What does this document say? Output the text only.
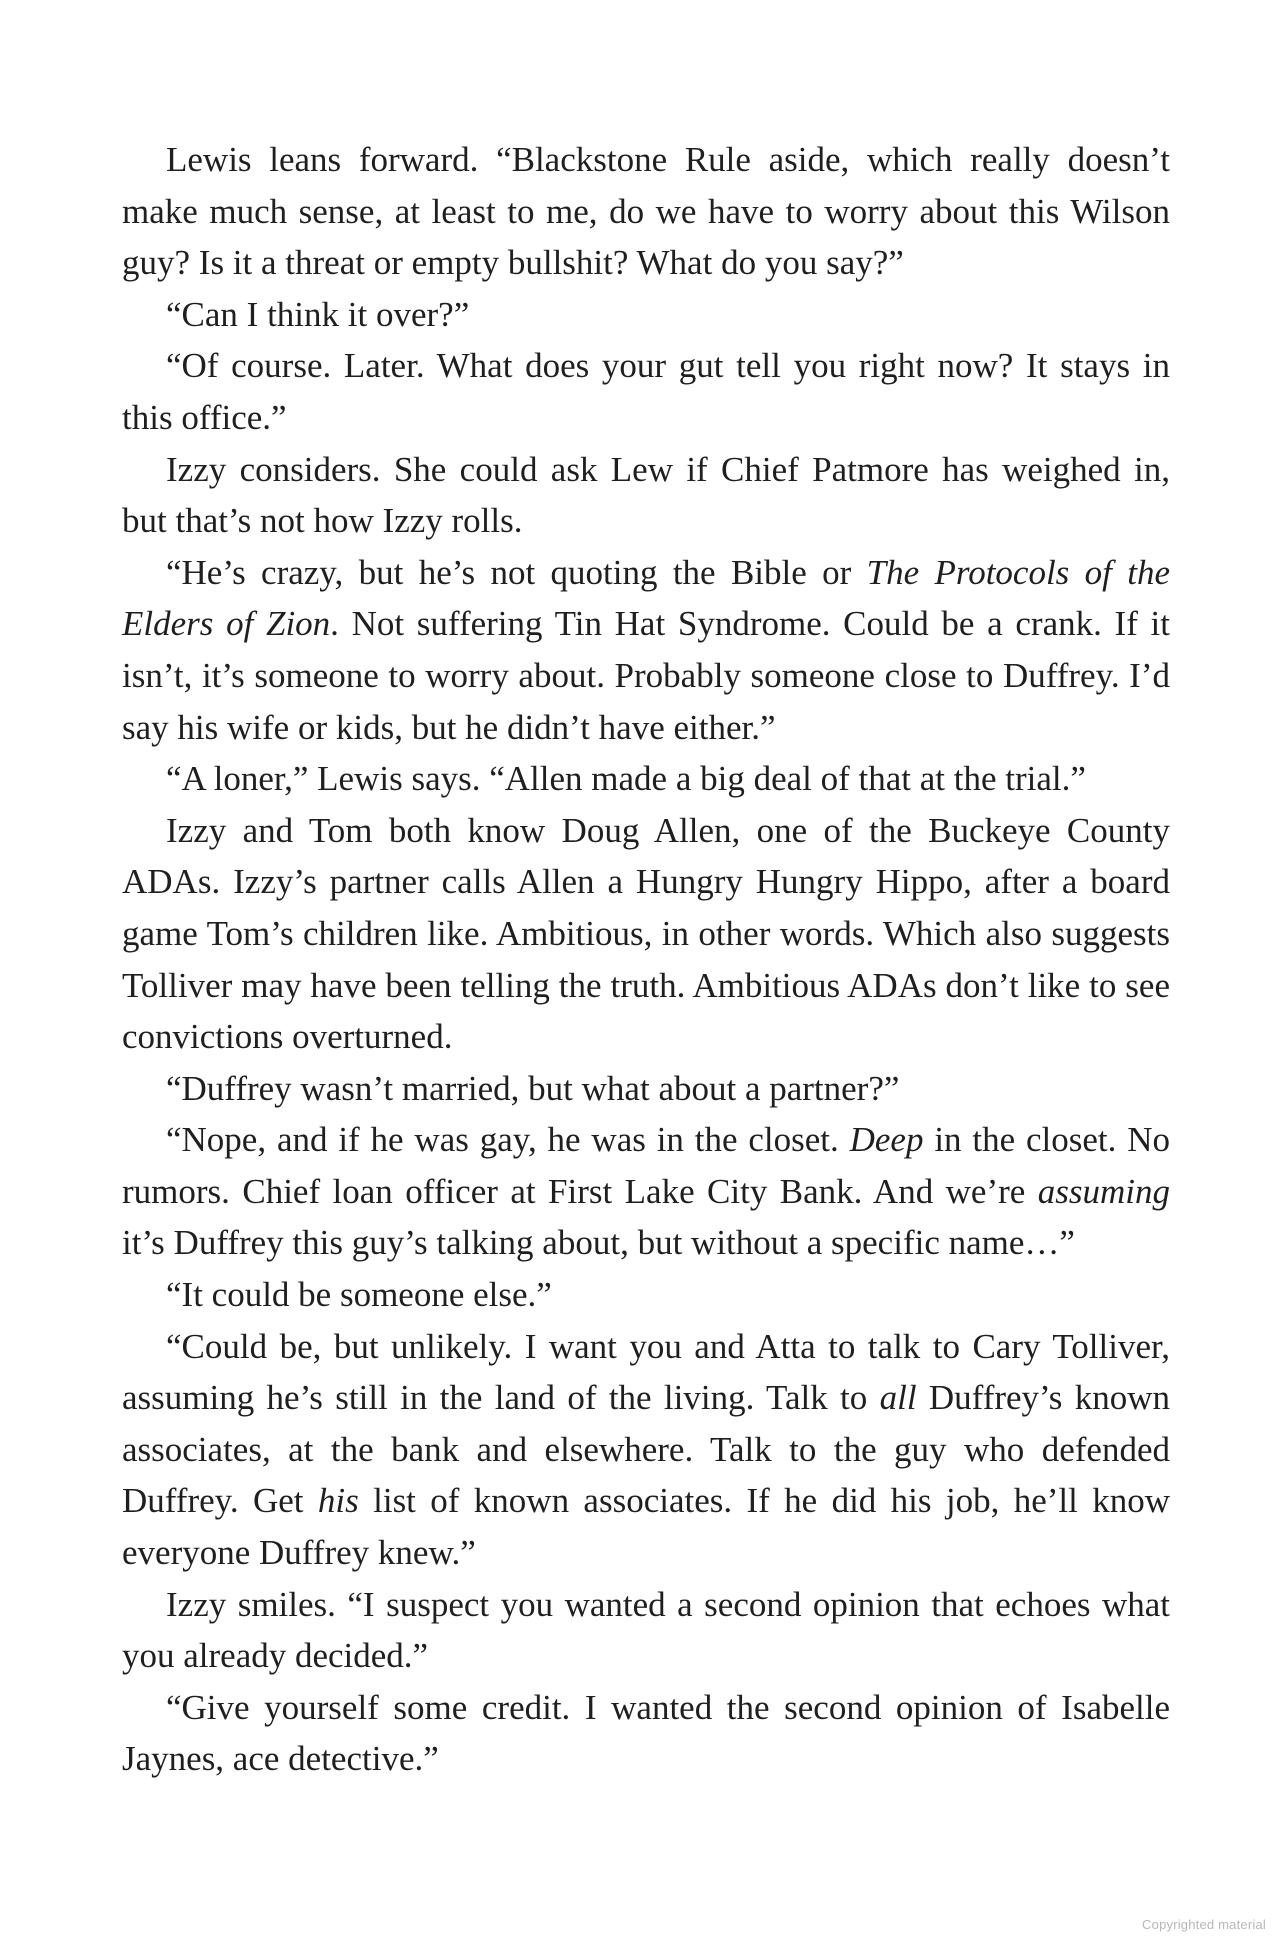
Lewis leans forward. “Blackstone Rule aside, which really doesn’t make much sense, at least to me, do we have to worry about this Wilson guy? Is it a threat or empty bullshit? What do you say?”

“Can I think it over?”

“Of course. Later. What does your gut tell you right now? It stays in this office.”

Izzy considers. She could ask Lew if Chief Patmore has weighed in, but that’s not how Izzy rolls.

“He’s crazy, but he’s not quoting the Bible or The Protocols of the Elders of Zion. Not suffering Tin Hat Syndrome. Could be a crank. If it isn’t, it’s someone to worry about. Probably someone close to Duffrey. I’d say his wife or kids, but he didn’t have either.”

“A loner,” Lewis says. “Allen made a big deal of that at the trial.”

Izzy and Tom both know Doug Allen, one of the Buckeye County ADAs. Izzy’s partner calls Allen a Hungry Hungry Hippo, after a board game Tom’s children like. Ambitious, in other words. Which also suggests Tolliver may have been telling the truth. Ambitious ADAs don’t like to see convictions overturned.

“Duffrey wasn’t married, but what about a partner?”

“Nope, and if he was gay, he was in the closet. Deep in the closet. No rumors. Chief loan officer at First Lake City Bank. And we’re assuming it’s Duffrey this guy’s talking about, but without a specific name…”

“It could be someone else.”

“Could be, but unlikely. I want you and Atta to talk to Cary Tolliver, assuming he’s still in the land of the living. Talk to all Duffrey’s known associates, at the bank and elsewhere. Talk to the guy who defended Duffrey. Get his list of known associates. If he did his job, he’ll know everyone Duffrey knew.”

Izzy smiles. “I suspect you wanted a second opinion that echoes what you already decided.”

“Give yourself some credit. I wanted the second opinion of Isabelle Jaynes, ace detective.”

Copyrighted material
